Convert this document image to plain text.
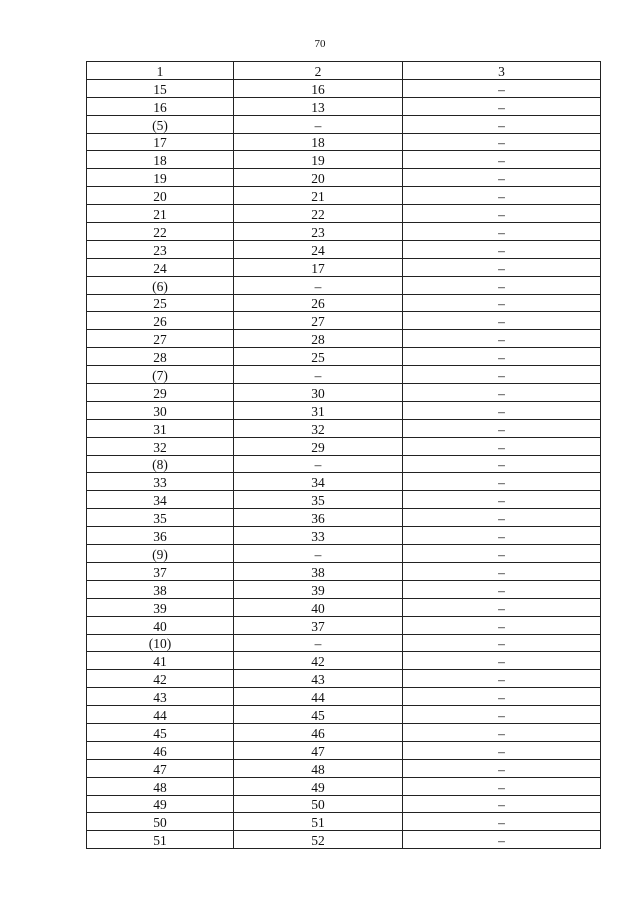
70
1	2	3
15	16	–
16	13	–
(5)	–	–
17	18	–
18	19	–
19	20	–
20	21	–
21	22	–
22	23	–
23	24	–
24	17	–
(6)	–	–
25	26	–
26	27	–
27	28	–
28	25	–
(7)	–	–
29	30	–
30	31	–
31	32	–
32	29	–
(8)	–	–
33	34	–
34	35	–
35	36	–
36	33	–
(9)	–	–
37	38	–
38	39	–
39	40	–
40	37	–
(10)	–	–
41	42	–
42	43	–
43	44	–
44	45	–
45	46	–
46	47	–
47	48	–
48	49	–
49	50	–
50	51	–
51	52	–
